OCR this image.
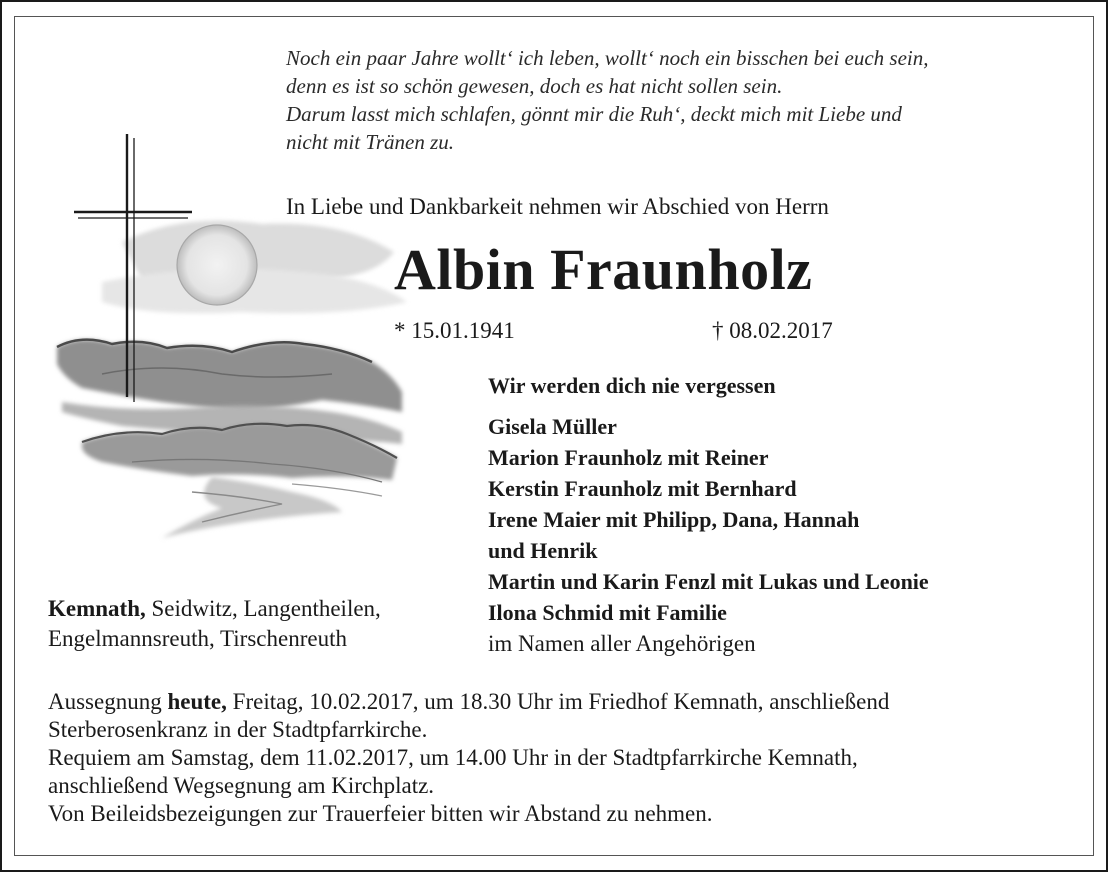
Noch ein paar Jahre wollt‘ ich leben, wollt‘ noch ein bisschen bei euch sein,
denn es ist so schön gewesen, doch es hat nicht sollen sein.
Darum lasst mich schlafen, gönnt mir die Ruh‘, deckt mich mit Liebe und
nicht mit Tränen zu.
In Liebe und Dankbarkeit nehmen wir Abschied von Herrn
Albin Fraunholz
* 15.01.1941	† 08.02.2017
Wir werden dich nie vergessen
Gisela Müller
Marion Fraunholz mit Reiner
Kerstin Fraunholz mit Bernhard
Irene Maier mit Philipp, Dana, Hannah
und Henrik
Martin und Karin Fenzl mit Lukas und Leonie
Ilona Schmid mit Familie
im Namen aller Angehörigen
Kemnath, Seidwitz, Langentheilen,
Engelmannsreuth, Tirschenreuth
Aussegnung heute, Freitag, 10.02.2017, um 18.30 Uhr im Friedhof Kemnath, anschließend
Sterberosenkranz in der Stadtpfarrkirche.
Requiem am Samstag, dem 11.02.2017, um 14.00 Uhr in der Stadtpfarrkirche Kemnath,
anschließend Wegsegnung am Kirchplatz.
Von Beileidsbezeigungen zur Trauerfeier bitten wir Abstand zu nehmen.
